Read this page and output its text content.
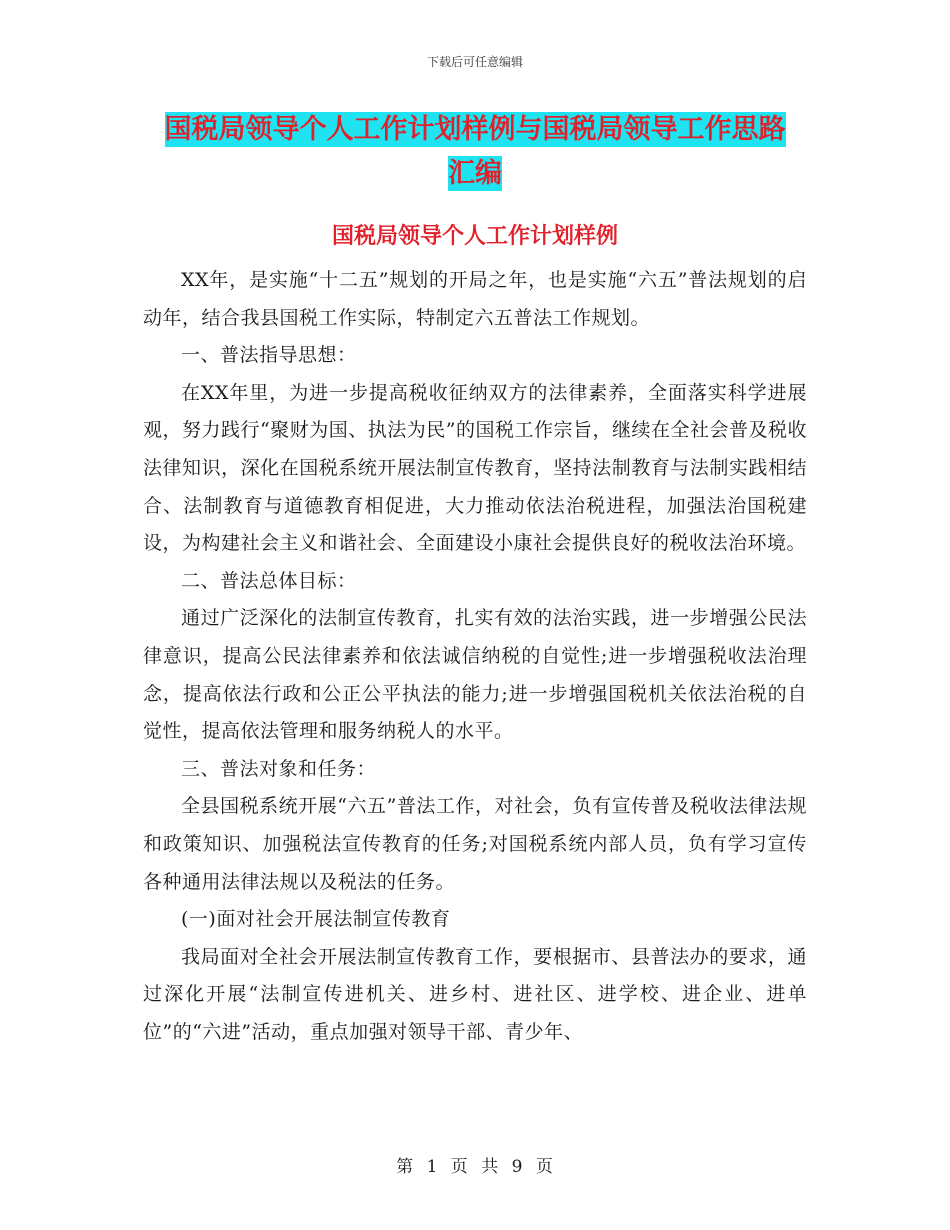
下载后可任意编辑
国税局领导个人工作计划样例与国税局领导工作思路
汇编
国税局领导个人工作计划样例

XX年，是实施“十二五”规划的开局之年，也是实施“六五”普法规划的启动年，结合我县国税工作实际，特制定六五普法工作规划。

一、普法指导思想：

在XX年里，为进一步提高税收征纳双方的法律素养，全面落实科学进展观，努力践行“聚财为国、执法为民”的国税工作宗旨，继续在全社会普及税收法律知识，深化在国税系统开展法制宣传教育，坚持法制教育与法制实践相结合、法制教育与道德教育相促进，大力推动依法治税进程，加强法治国税建设，为构建社会主义和谐社会、全面建设小康社会提供良好的税收法治环境。

二、普法总体目标：

通过广泛深化的法制宣传教育，扎实有效的法治实践，进一步增强公民法律意识，提高公民法律素养和依法诚信纳税的自觉性;进一步增强税收法治理念，提高依法行政和公正公平执法的能力;进一步增强国税机关依法治税的自觉性，提高依法管理和服务纳税人的水平。

三、普法对象和任务：

全县国税系统开展“六五”普法工作，对社会，负有宣传普及税收法律法规和政策知识、加强税法宣传教育的任务;对国税系统内部人员，负有学习宣传各种通用法律法规以及税法的任务。

(一)面对社会开展法制宣传教育

我局面对全社会开展法制宣传教育工作，要根据市、县普法办的要求，通过深化开展“法制宣传进机关、进乡村、进社区、进学校、进企业、进单位”的“六进”活动，重点加强对领导干部、青少年、

第 1 页 共 9 页
